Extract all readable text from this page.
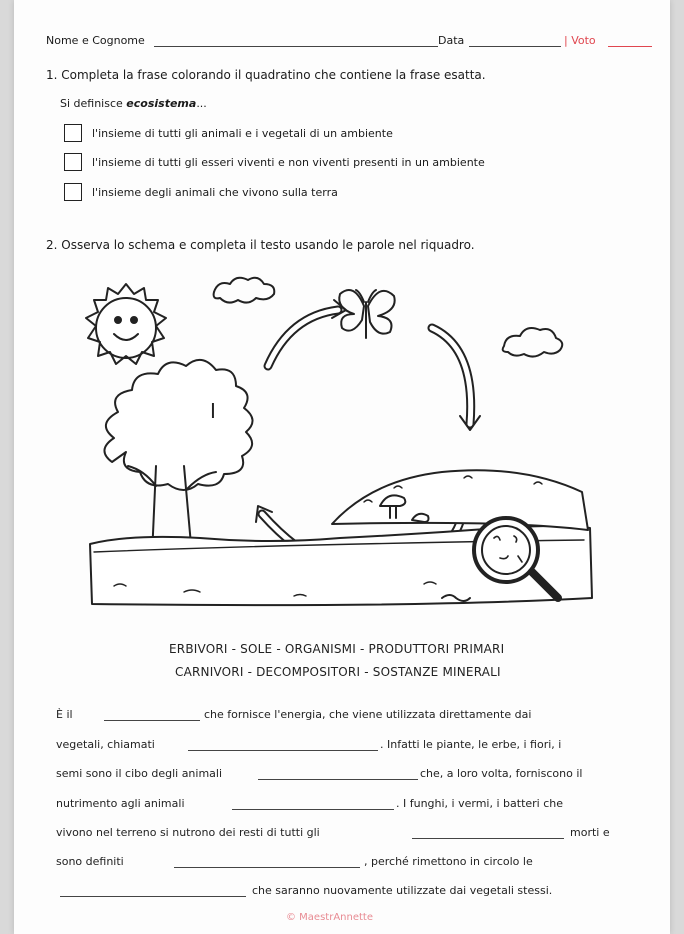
Nome e Cognome	Data	| Voto
1. Completa la frase colorando il quadratino che contiene la frase esatta.
Si definisce ecosistema...
l'insieme di tutti gli animali e i vegetali di un ambiente
l'insieme di tutti gli esseri viventi e non viventi presenti in un ambiente
l'insieme degli animali che vivono sulla terra
2. Osserva lo schema e completa il testo usando le parole nel riquadro.
I
ERBIVORI - SOLE - ORGANISMI - PRODUTTORI PRIMARI
CARNIVORI - DECOMPOSITORI - SOSTANZE MINERALI
È il	che fornisce l'energia, che viene utilizzata direttamente dai
vegetali, chiamati	. Infatti le piante, le erbe, i fiori, i
semi sono il cibo degli animali	che, a loro volta, forniscono il
nutrimento agli animali	. I funghi, i vermi, i batteri che
vivono nel terreno si nutrono dei resti di tutti gli	morti e
sono definiti	, perché rimettono in circolo le
che saranno nuovamente utilizzate dai vegetali stessi.
© MaestrAnnette
